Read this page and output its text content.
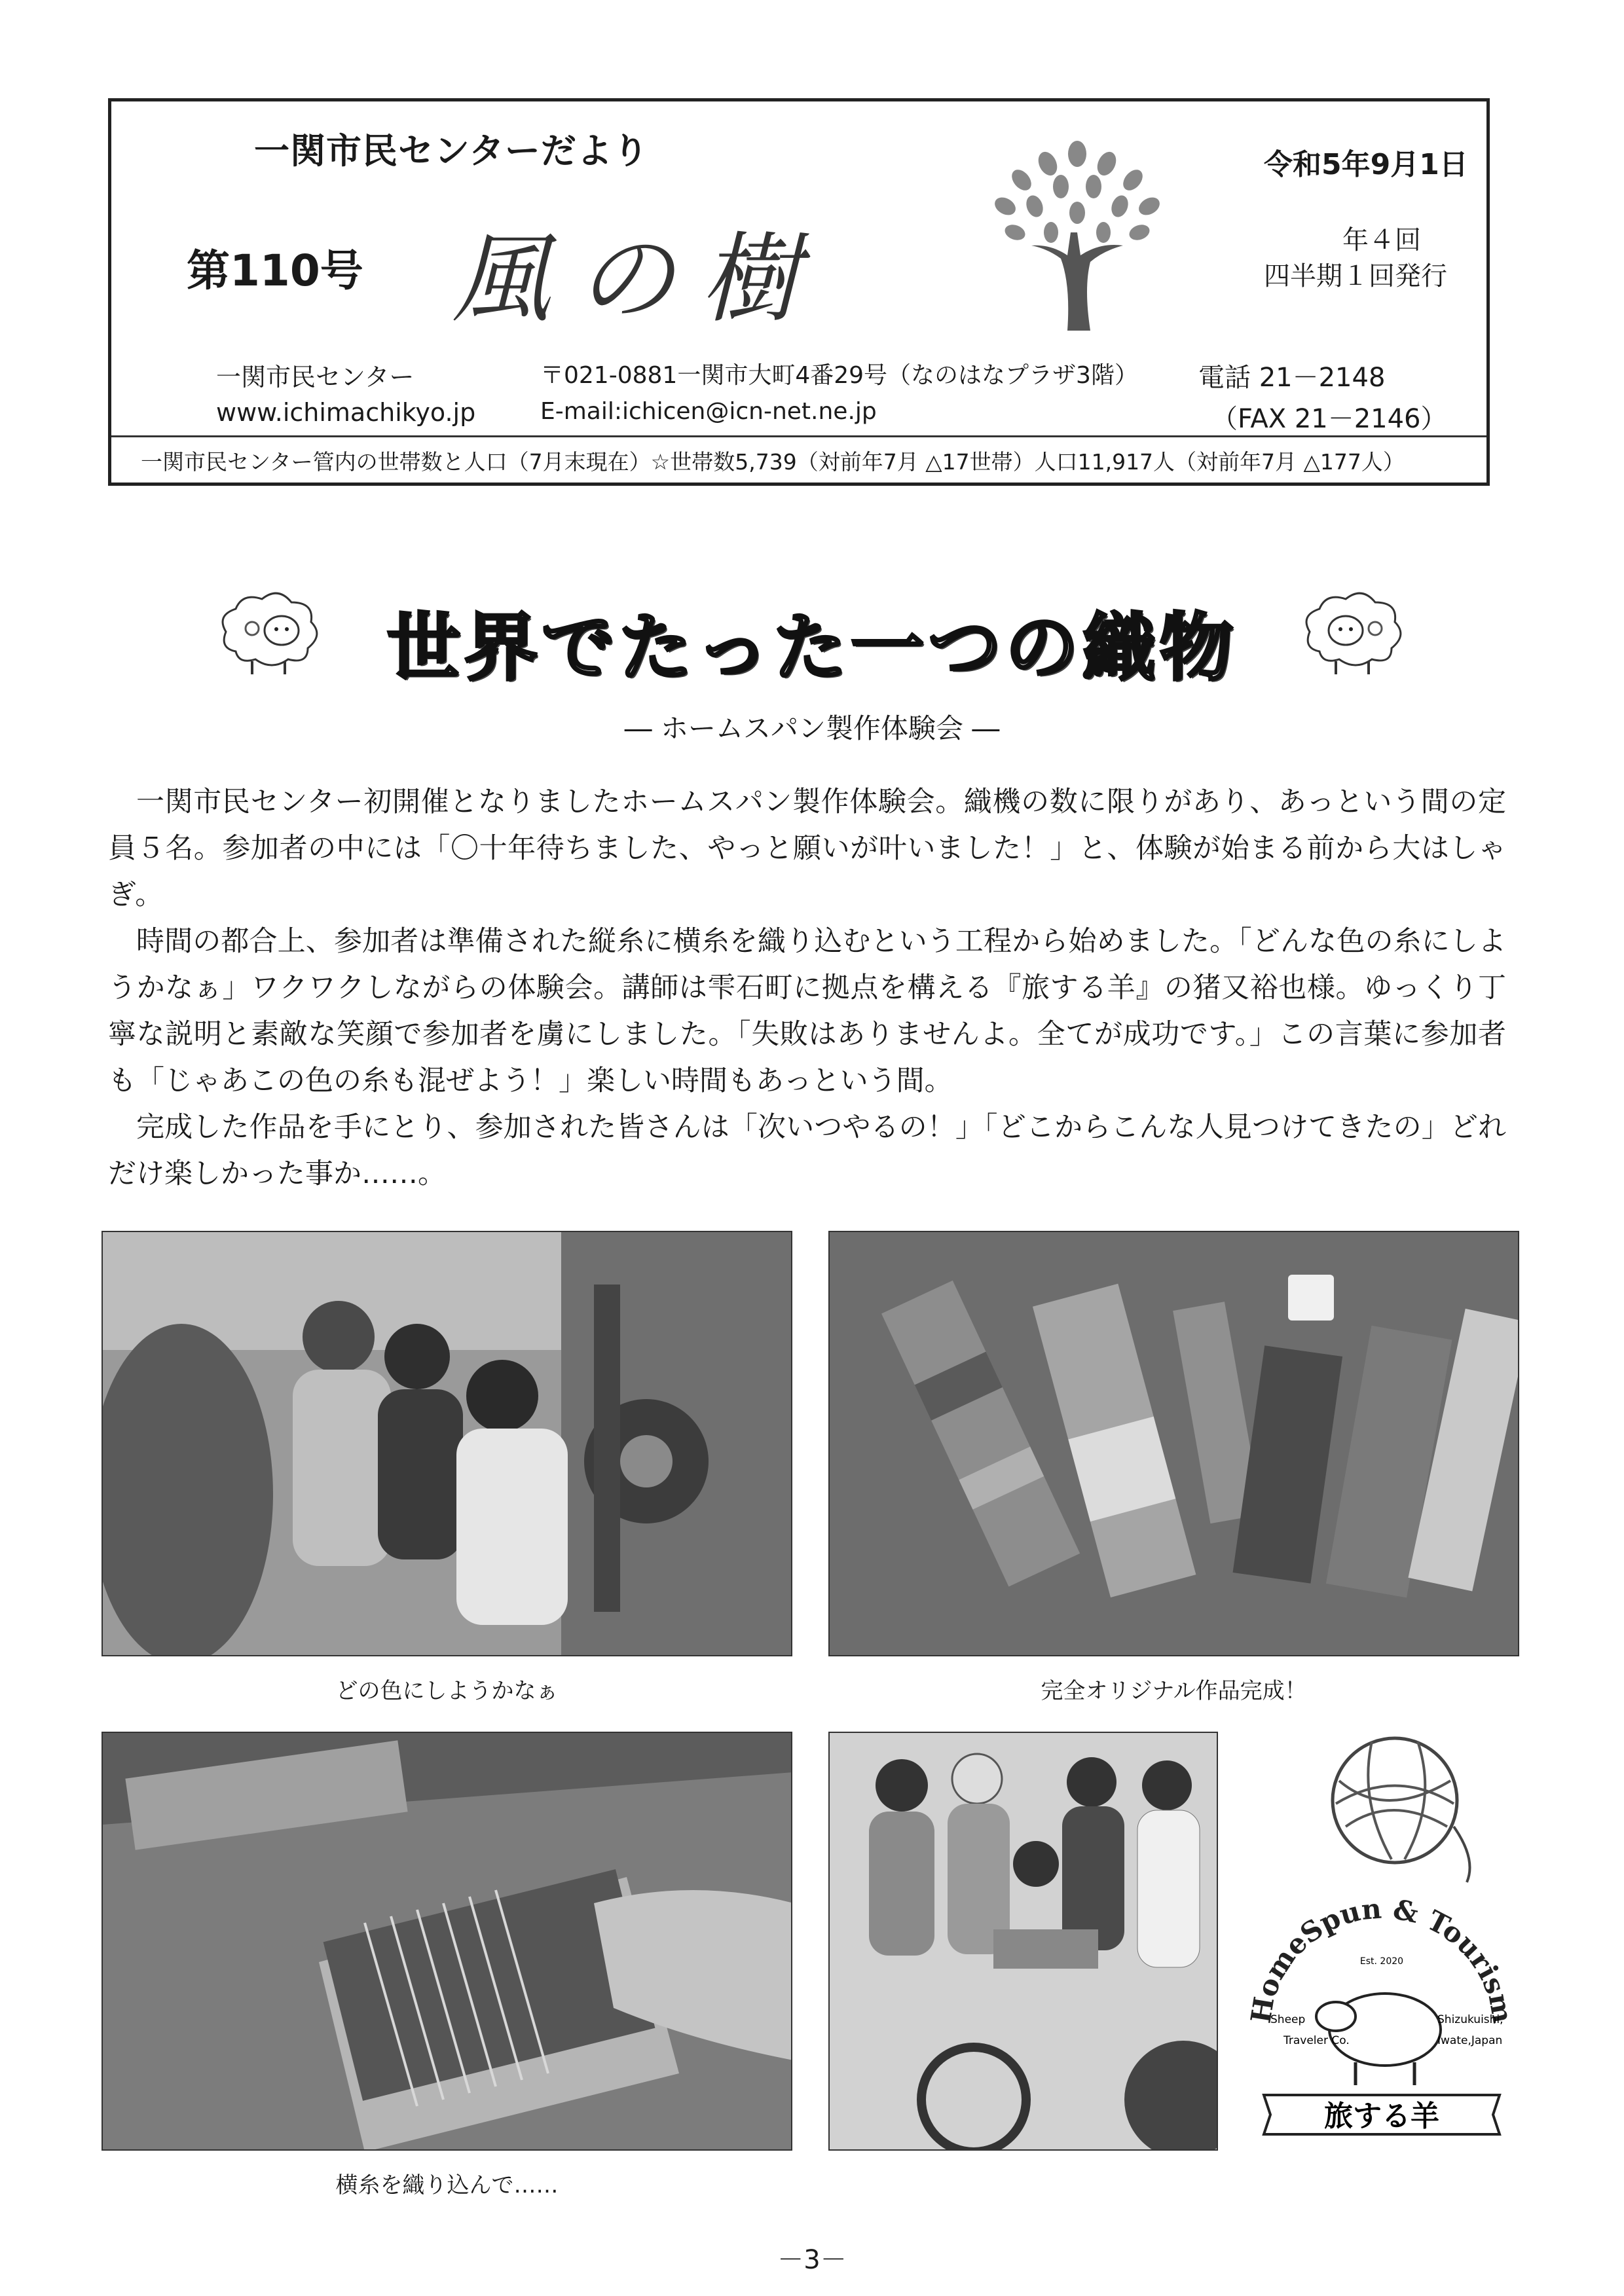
一関市民センターだより
第110号 風の樹
令和5年9月1日
年４回
四半期１回発行
一関市民センター
www.ichimachikyo.jp
〒021-0881一関市大町4番29号（なのはなプラザ3階）
E-mail:ichicen@icn-net.ne.jp
電話 21－2148
（FAX 21－2146）
一関市民センター管内の世帯数と人口（7月末現在）☆世帯数5,739（対前年7月 △17世帯）人口11,917人（対前年7月 △177人）
世界でたった一つの織物
― ホームスパン製作体験会 ―

一関市民センター初開催となりましたホームスパン製作体験会。織機の数に限りがあり、あっという間の定員５名。参加者の中には「〇十年待ちました、やっと願いが叶いました！」と、体験が始まる前から大はしゃぎ。

時間の都合上、参加者は準備された縦糸に横糸を織り込むという工程から始めました。「どんな色の糸にしようかなぁ」ワクワクしながらの体験会。講師は雫石町に拠点を構える『旅する羊』の猪又裕也様。ゆっくり丁寧な説明と素敵な笑顔で参加者を虜にしました。「失敗はありませんよ。全てが成功です。」この言葉に参加者も「じゃあこの色の糸も混ぜよう！」楽しい時間もあっという間。

完成した作品を手にとり、参加された皆さんは「次いつやるの！」「どこからこんな人見つけてきたの」どれだけ楽しかった事か……。

どの色にしようかなぁ	完全オリジナル作品完成！
横糸を織り込んで……
HomeSpun & Tourism
Est. 2020
Sheep
Traveler Co.
Shizukuishi,
Iwate,Japan
旅する羊
－3－
